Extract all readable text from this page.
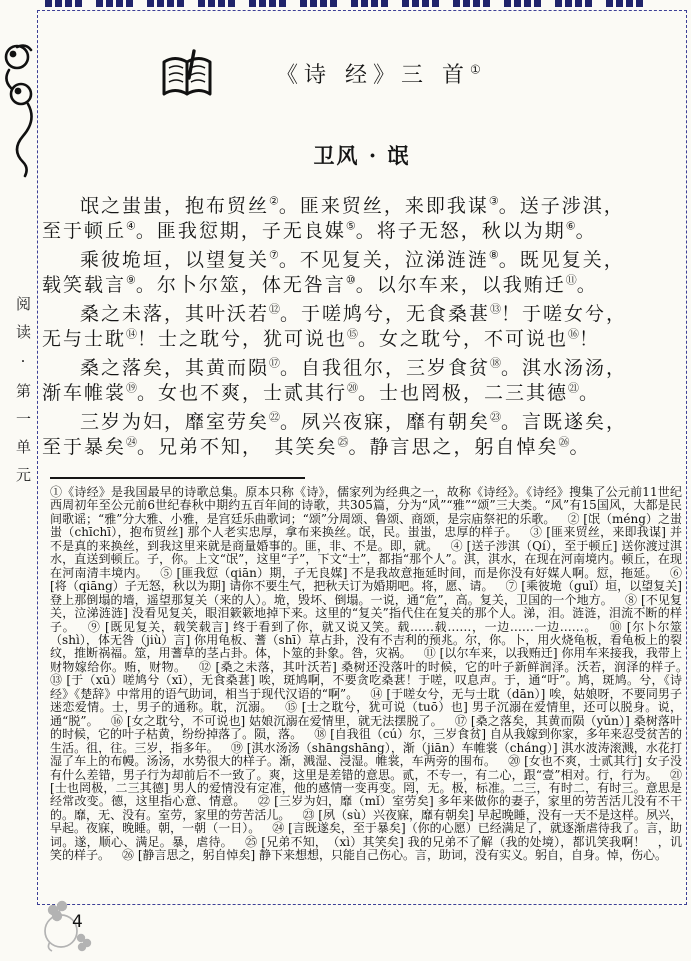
阅读·第一单元
《诗 经》三 首①
卫风 · 氓

氓之蚩蚩，抱布贸丝②。匪来贸丝，来即我谋③。送子涉淇，
至于顿丘④。匪我愆期，子无良媒⑤。将子无怒，秋以为期⑥。

乘彼垝垣，以望复关⑦。不见复关，泣涕涟涟⑧。既见复关，
载笑载言⑨。尔卜尔筮，体无咎言⑩。以尔车来，以我贿迁⑪。

桑之未落，其叶沃若⑫。于嗟鸠兮，无食桑葚⑬！于嗟女兮，
无与士耽⑭！士之耽兮，犹可说也⑮。女之耽兮，不可说也⑯！

桑之落矣，其黄而陨⑰。自我徂尔，三岁食贫⑱。淇水汤汤，
渐车帷裳⑲。女也不爽，士贰其行⑳。士也罔极，二三其德$^㉑$。

三岁为妇，靡室劳矣$^㉒$。夙兴夜寐，靡有朝矣$^㉓$。言既遂矣，
至于暴矣$^㉔$。兄弟不知，　其笑矣$^㉕$。静言思之，躬自悼矣$^㉖$。

①《诗经》是我国最早的诗歌总集。原本只称《诗》，儒家列为经典之一，故称《诗经》。《诗经》搜集了公元前11世纪西周初年至公元前6世纪春秋中期约五百年间的诗歌，共305篇，分为“风”“雅”“颂”三大类。“风”有15国风，大都是民间歌谣；“雅”分大雅、小雅，是宫廷乐曲歌词；“颂”分周颂、鲁颂、商颂，是宗庙祭祀的乐歌。　 ② [氓（méng）之蚩蚩（chīchī），抱布贸丝] 那个人老实忠厚，拿布来换丝。氓，民。蚩蚩，忠厚的样子。　 ③ [匪来贸丝，来即我谋] 并不是真的来换丝，到我这里来就是商量婚事的。匪，非、不是。即，就。　 ④ [送子涉淇（Qí），至于顿丘] 送你渡过淇水，直送到顿丘。子，你。上文“氓”，这里“子”，下文“士”，都指“那个人”。淇，淇水，在现在河南境内。顿丘，在现在河南清丰境内。　 ⑤ [匪我愆（qiān）期，子无良媒] 不是我故意拖延时间，而是你没有好媒人啊。愆，拖延。　 ⑥ [将（qiāng）子无怒，秋以为期] 请你不要生气，把秋天订为婚期吧。将，愿、请。　 ⑦ [乘彼垝（guǐ）垣，以望复关] 登上那倒塌的墙，遥望那复关（来的人）。垝，毁坏、倒塌。一说，通“危”，高。复关，卫国的一个地方。　 ⑧ [不见复关，泣涕涟涟] 没看见复关，眼泪簌簌地掉下来。这里的“复关”指代住在复关的那个人。涕，泪。涟涟，泪流不断的样子。　 ⑨ [既见复关，载笑载言] 终于看到了你，就又说又笑。载……载……，一边……一边……。　 ⑩ [尔卜尔筮（shì），体无咎（jiù）言] 你用龟板、蓍（shī）草占卦，没有不吉利的预兆。尔，你。卜，用火烧龟板，看龟板上的裂纹，推断祸福。筮，用蓍草的茎占卦。体，卜筮的卦象。咎，灾祸。　 ⑪ [以尔车来，以我贿迁] 你用车来接我，我带上财物嫁给你。贿，财物。　 ⑫ [桑之未落，其叶沃若] 桑树还没落叶的时候，它的叶子新鲜润泽。沃若，润泽的样子。　⑬ [于（xū）嗟鸠兮（xī），无食桑葚] 唉，斑鸠啊，不要贪吃桑葚！于嗟，叹息声。于，通“吁”。鸠，斑鸠。兮，《诗经》《楚辞》中常用的语气助词，相当于现代汉语的“啊”。　 ⑭ [于嗟女兮，无与士耽（dān）] 唉，姑娘呀，不要同男子迷恋爱情。士，男子的通称。耽，沉溺。　 ⑮ [士之耽兮，犹可说（tuō）也] 男子沉溺在爱情里，还可以脱身。说，通“脱”。　 ⑯ [女之耽兮，不可说也] 姑娘沉溺在爱情里，就无法摆脱了。　 ⑰ [桑之落矣，其黄而陨（yǔn）] 桑树落叶的时候，它的叶子枯黄，纷纷掉落了。陨，落。　 ⑱ [自我徂（cú）尔，三岁食贫] 自从我嫁到你家，多年来忍受贫苦的生活。徂，往。三岁，指多年。　 ⑲ [淇水汤汤（shāngshāng），渐（jiān）车帷裳（cháng）] 淇水波涛滚溅，水花打湿了车上的布幔。汤汤，水势很大的样子。渐，溅湿、浸湿。帷裳，车两旁的围布。　 ⑳ [女也不爽，士贰其行] 女子没有什么差错，男子行为却前后不一致了。爽，这里是差错的意思。贰，不专一，有二心，跟“壹”相对。行，行为。　 ㉑ [士也罔极，二三其德] 男人的爱情没有定准，他的感情一变再变。罔，无。极，标准。二三，有时二，有时三。意思是经常改变。德，这里指心意、情意。　 ㉒ [三岁为妇，靡（mǐ）室劳矣] 多年来做你的妻子，家里的劳苦活儿没有不干的。靡，无、没有。室劳，家里的劳苦活儿。　 ㉓ [夙（sù）兴夜寐，靡有朝矣] 早起晚睡，没有一天不是这样。夙兴，早起。夜寐，晚睡。朝，一朝（一日）。　 ㉔ [言既遂矣，至于暴矣]（你的心愿）已经满足了，就逐渐虐待我了。言，助词。遂，顺心、满足。暴，虐待。　 ㉕ [兄弟不知，　（xì）其笑矣] 我的兄弟不了解（我的处境），都讥笑我啊！　，讥笑的样子。　 ㉖ [静言思之，躬自悼矣] 静下来想想，只能自己伤心。言，助词，没有实义。躬自，自身。悼，伤心。
4
